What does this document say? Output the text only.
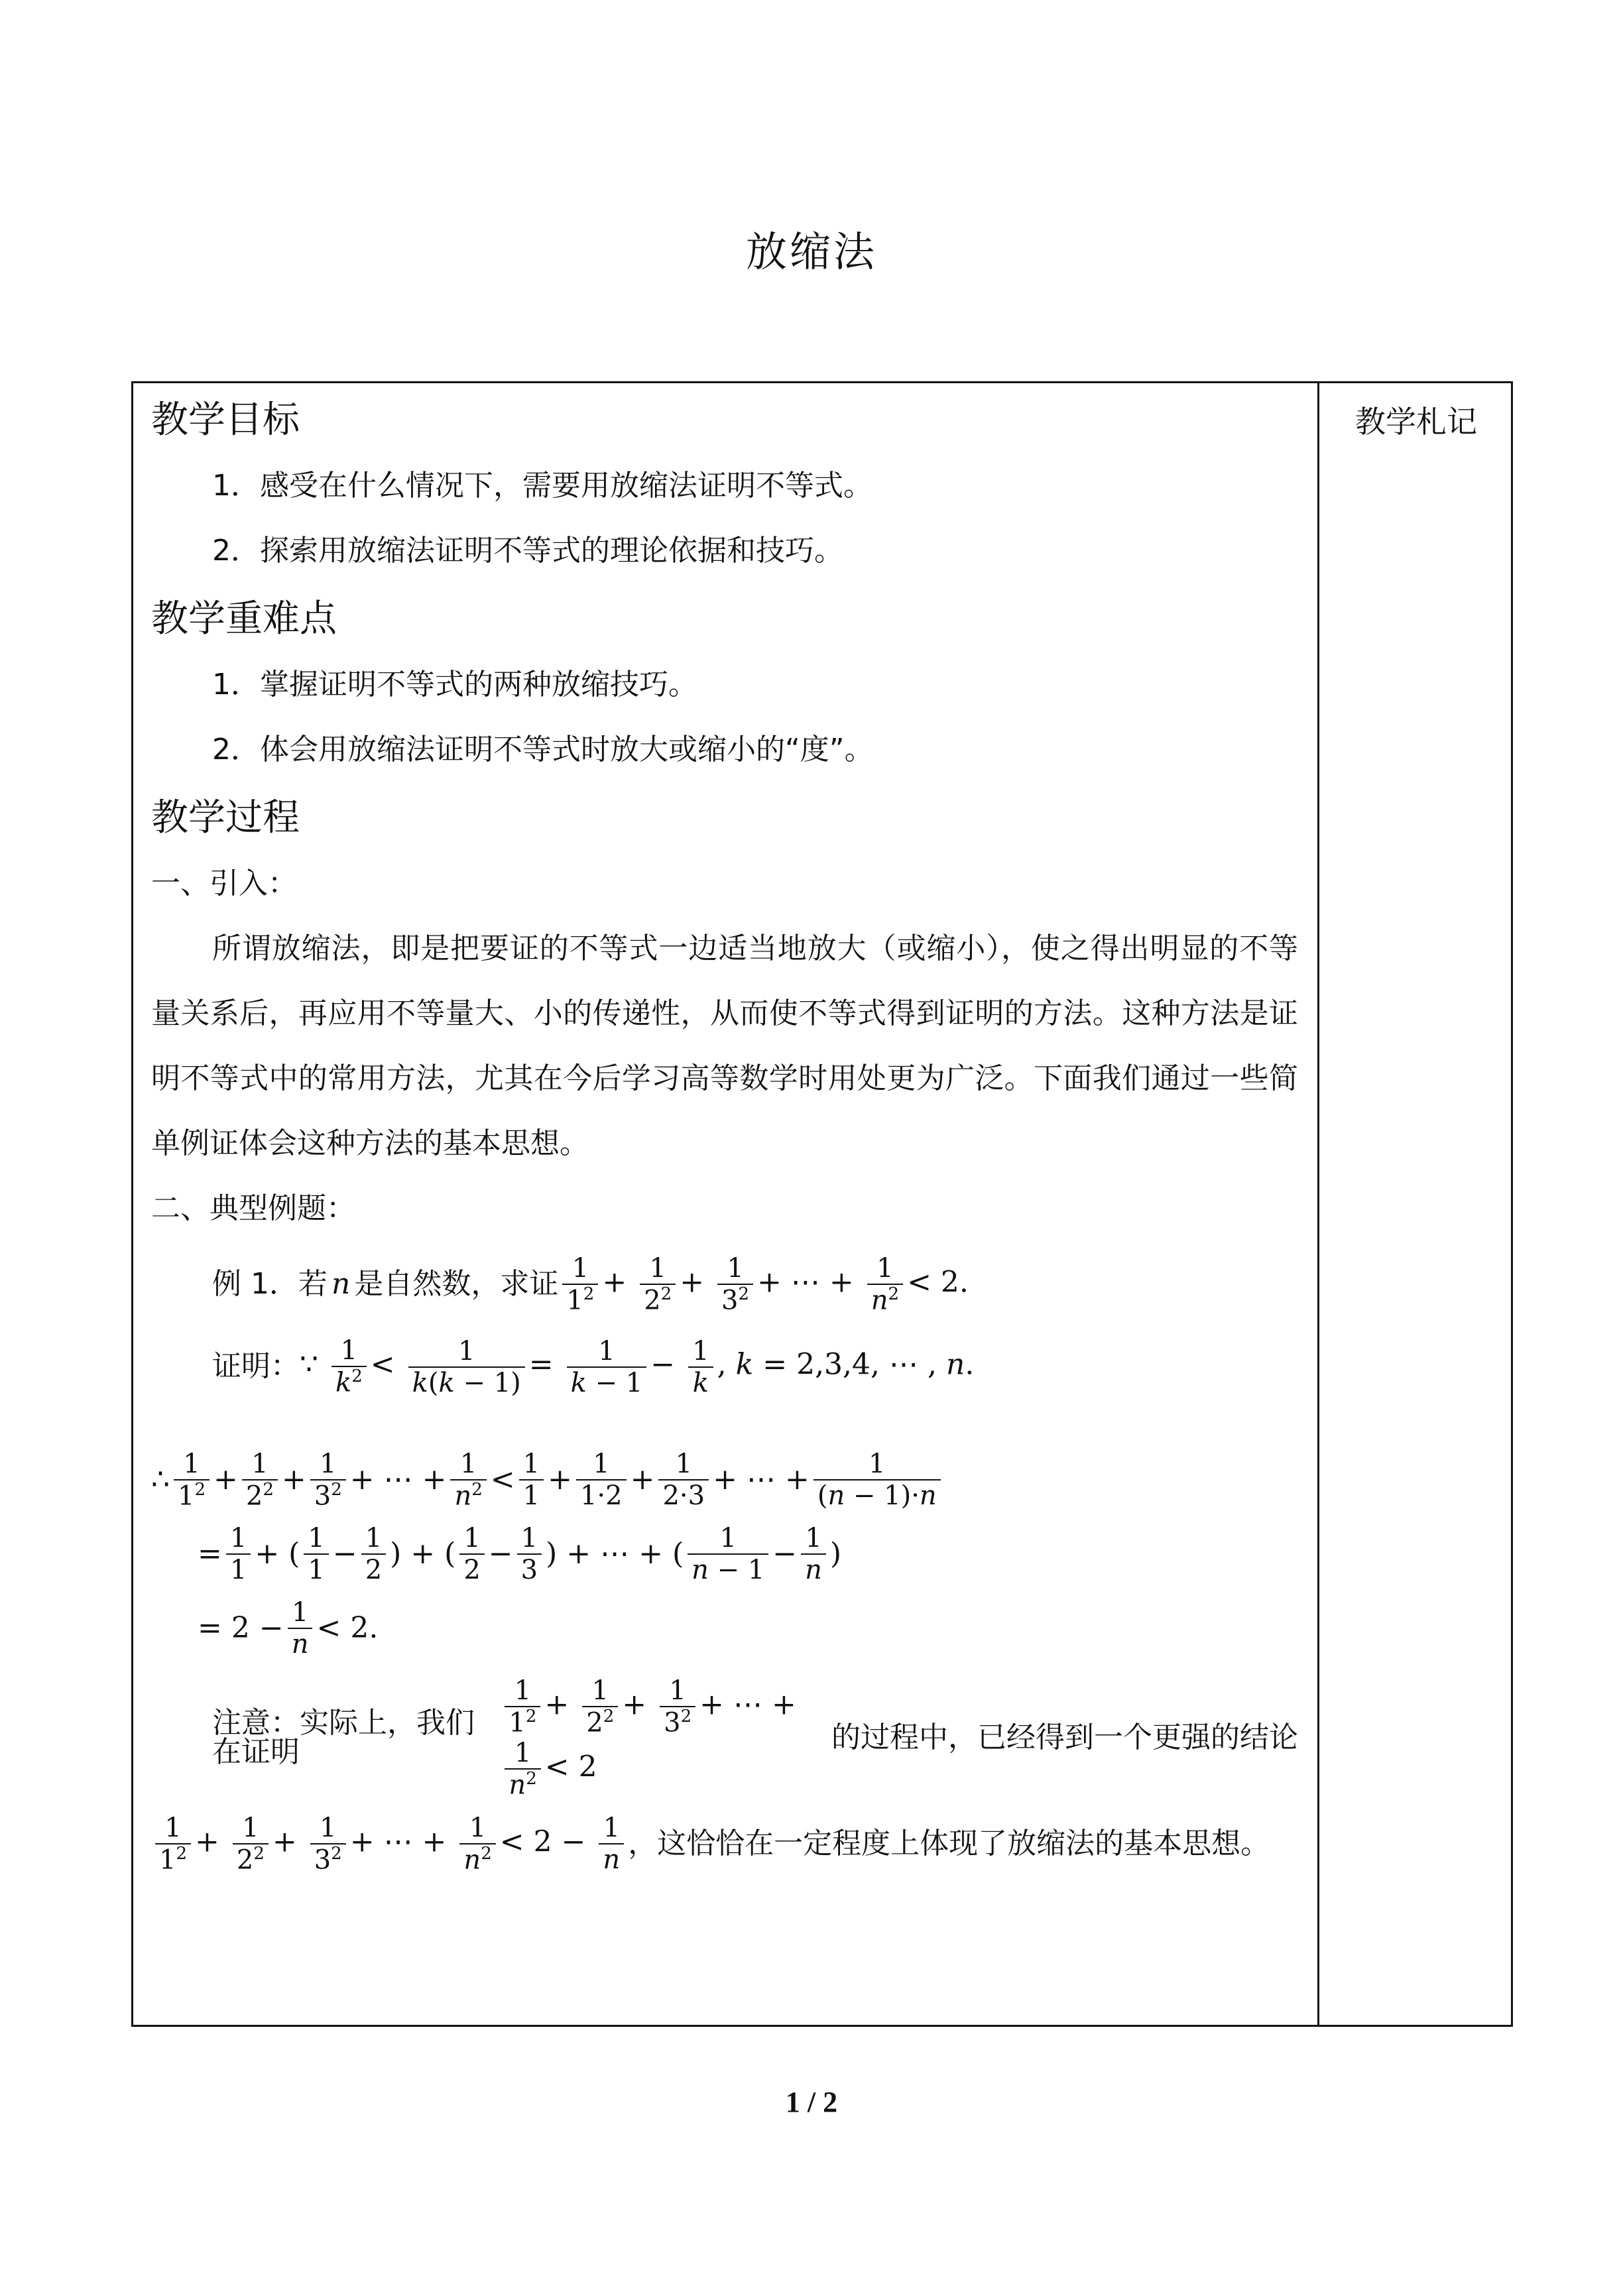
放缩法
教学札记
教学目标
1．感受在什么情况下，需要用放缩法证明不等式。
2．探索用放缩法证明不等式的理论依据和技巧。
教学重难点
1．掌握证明不等式的两种放缩技巧。
2．体会用放缩法证明不等式时放大或缩小的“度”。
教学过程
一、引入：
所谓放缩法，即是把要证的不等式一边适当地放大（或缩小），使之得出明显的不等量关系后，再应用不等量大、小的传递性，从而使不等式得到证明的方法。这种方法是证明不等式中的常用方法，尤其在今后学习高等数学时用处更为广泛。下面我们通过一些简单例证体会这种方法的基本思想。
二、典型例题：
例 1．若 n 是自然数，求证 $\frac{1}{1^2} + \frac{1}{2^2} + \frac{1}{3^2}$ + ⋯ + $\frac{1}{n^2} < 2$.
证明： ∵ $\frac{1}{k^2} < \frac{1}{k(k - 1)} = \frac{1}{k - 1} - \frac{1}{k}$ , k = 2,3,4, ⋯ , n.
∴ $\frac{1}{1^2} + \frac{1}{2^2} + \frac{1}{3^2}$ + ⋯ + $\frac{1}{n^2} < \frac{1}{1} + \frac{1}{1\cdot 2} + \frac{1}{2\cdot 3}$ + ⋯ + $\frac{1}{(n - 1)\cdot n}$
= $\frac{1}{1}$ + ( $\frac{1}{1} - \frac{1}{2}$ ) + ( $\frac{1}{2} - \frac{1}{3}$ ) + ⋯ + ( $\frac{1}{n - 1} - \frac{1}{n}$ )
= $2 - \frac{1}{n} < 2$.
注意：实际上，我们在证明
$\frac{1}{1^2} + \frac{1}{2^2} + \frac{1}{3^2}$ + ⋯ +
$\frac{1}{n^2} < 2$
的过程中，已经得到一个更强的结论
$\frac{1}{1^2} + \frac{1}{2^2} + \frac{1}{3^2}$ + ⋯ + $\frac{1}{n^2} < 2 - \frac{1}{n}$ ，这恰恰在一定程度上体现了放缩法的基本思想。
1 / 2
